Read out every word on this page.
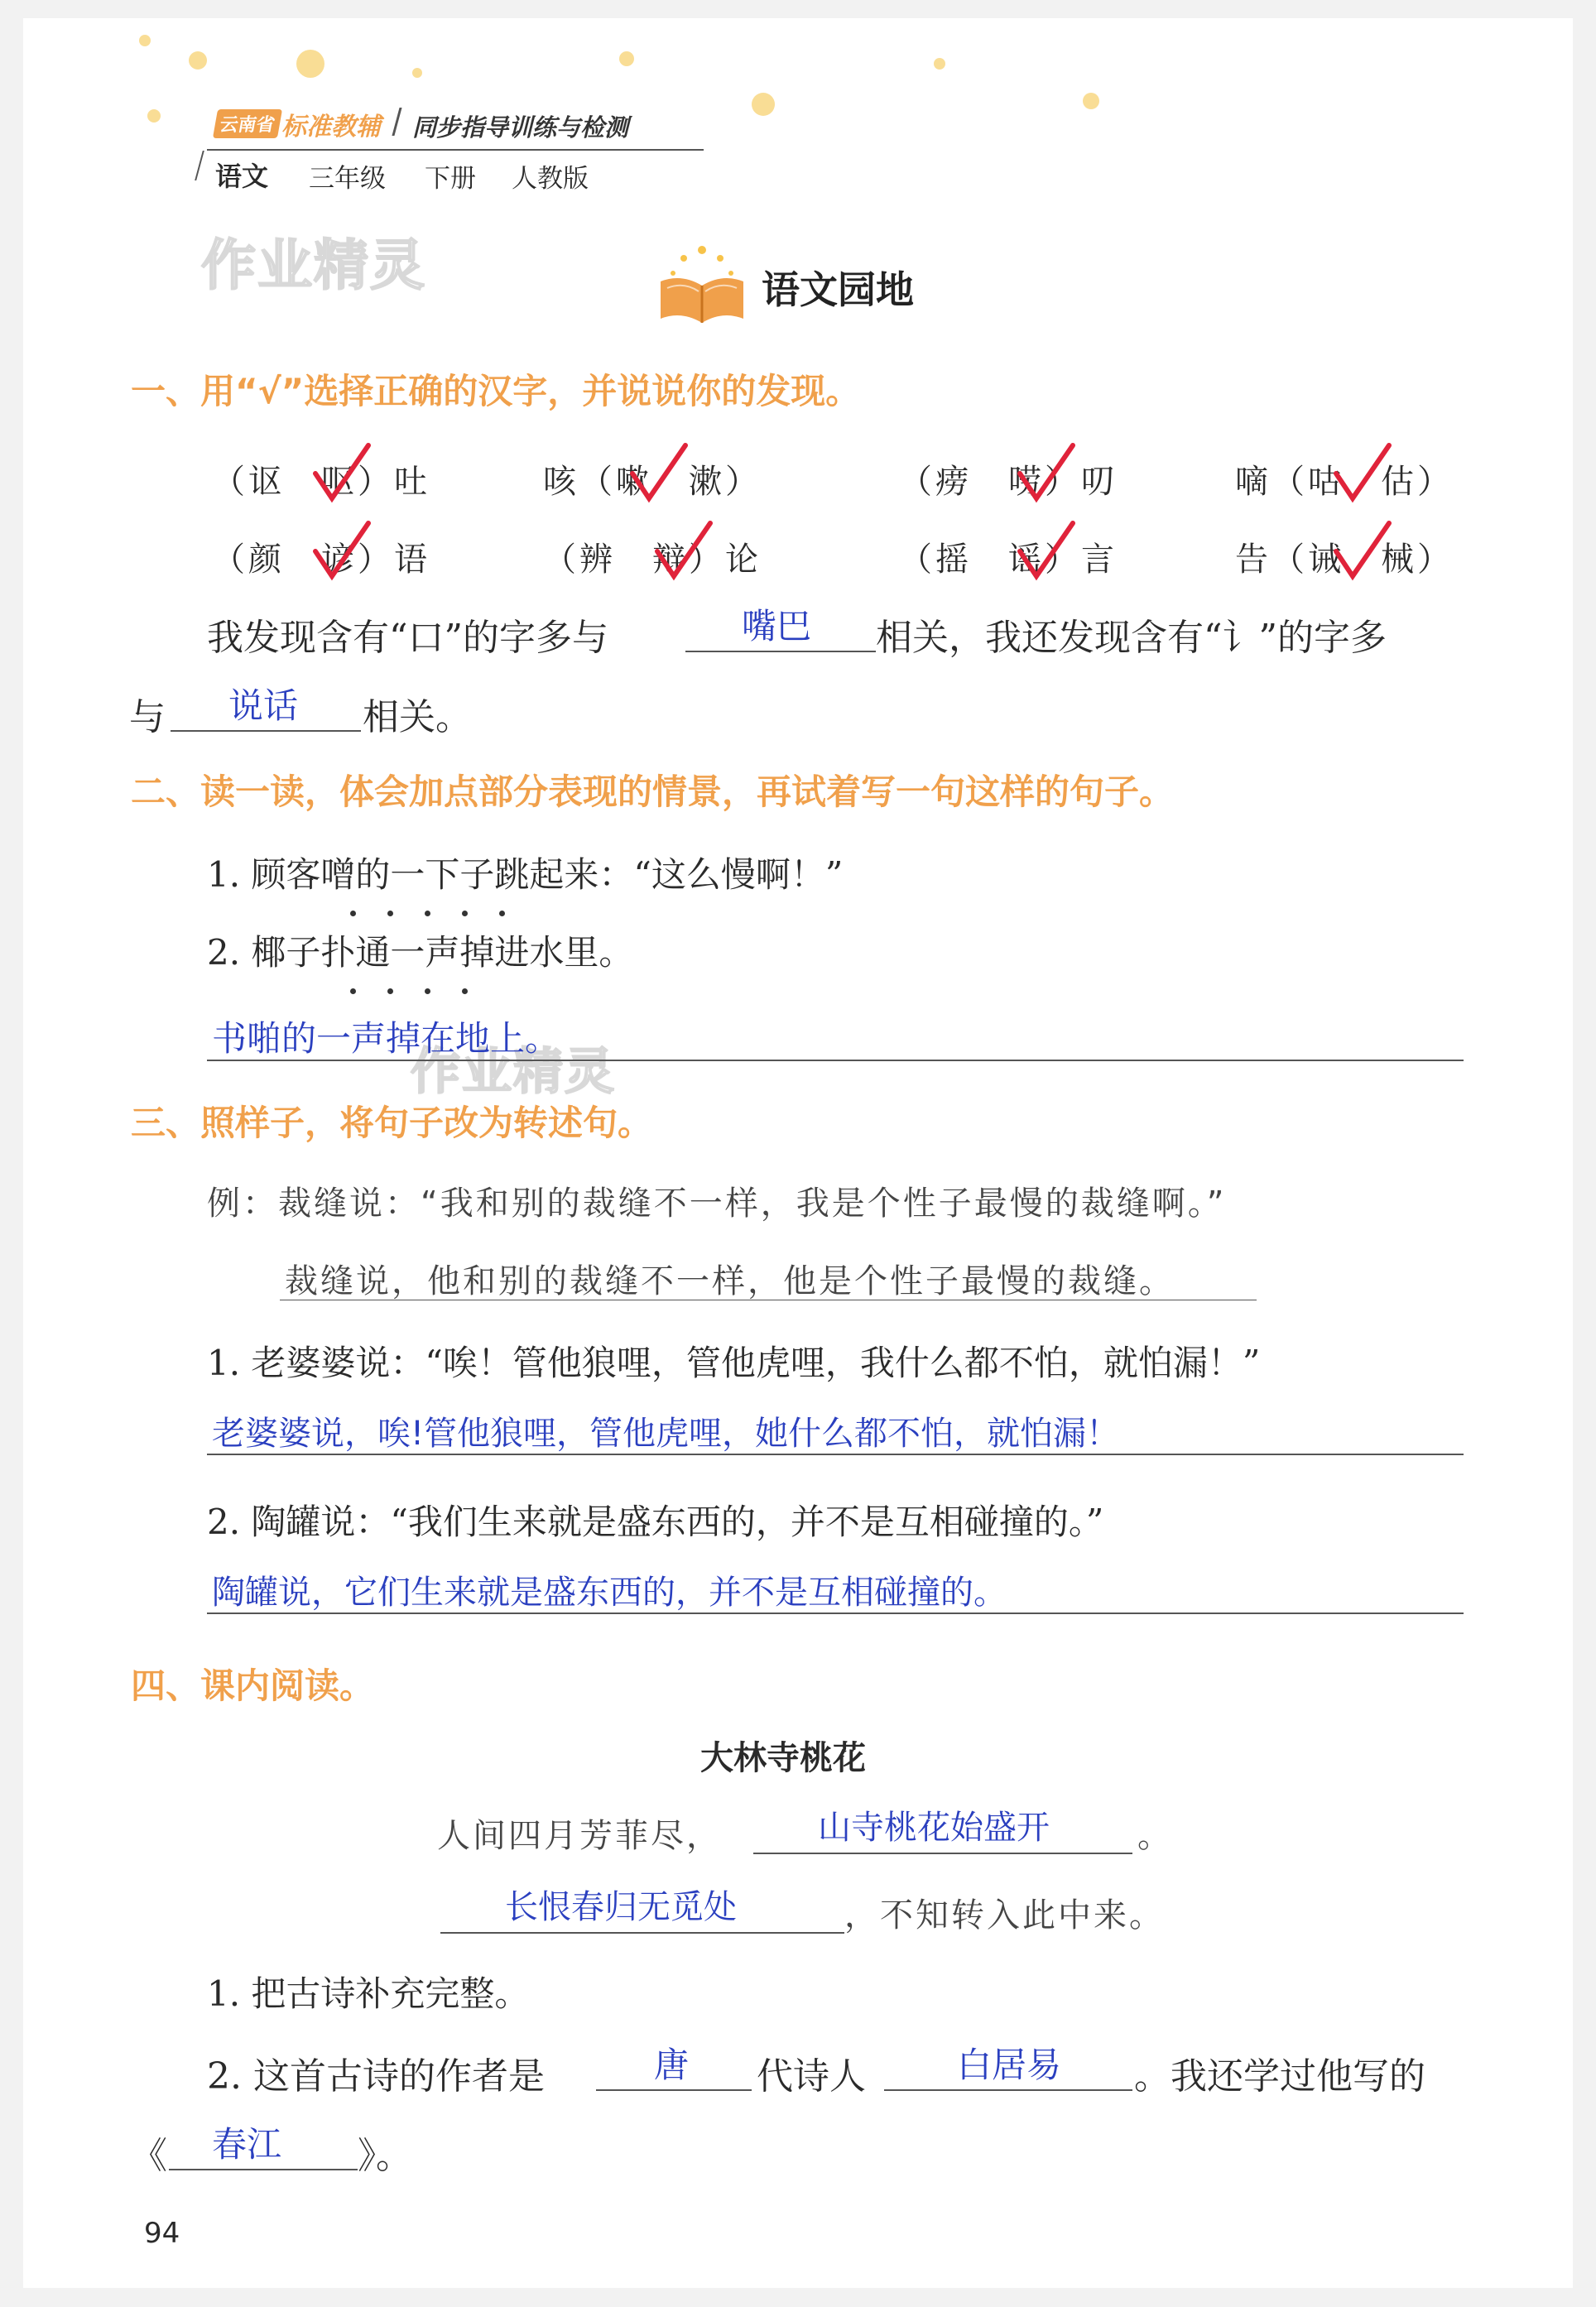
云南省 标准教辅 同步指导训练与检测
语文 三年级 下册 人教版
作业精灵
作业精灵
语文园地
一、用“√”选择正确的汉字，并说说你的发现。
（讴　呕）吐	咳（嗽　漱）	（痨　唠）叨	嘀（咕　估）
（颜　谚）语	（辨　辩）论	（摇　谣）言	告（诫　械）
我发现含有“口”的字多与	嘴巴 相关，我还发现含有“讠”的字多
与 说话 相关。
二、读一读，体会加点部分表现的情景，再试着写一句这样的句子。
1. 顾客噌的一下子跳起来：“这么慢啊！”
2. 椰子扑通一声掉进水里。
书啪的一声掉在地上。
三、照样子，将句子改为转述句。
例：裁缝说：“我和别的裁缝不一样，我是个性子最慢的裁缝啊。”
裁缝说，他和别的裁缝不一样，他是个性子最慢的裁缝。
1. 老婆婆说：“唉！管他狼哩，管他虎哩，我什么都不怕，就怕漏！”
老婆婆说，唉!管他狼哩，管他虎哩，她什么都不怕，就怕漏！
2. 陶罐说：“我们生来就是盛东西的，并不是互相碰撞的。”
陶罐说，它们生来就是盛东西的，并不是互相碰撞的。
四、课内阅读。
大林寺桃花
人间四月芳菲尽，	山寺桃花始盛开	。
长恨春归无觅处	，不知转入此中来。
1. 把古诗补充完整。
2. 这首古诗的作者是	唐 代诗人	白居易 。我还学过他写的
《 春江 》。
94
